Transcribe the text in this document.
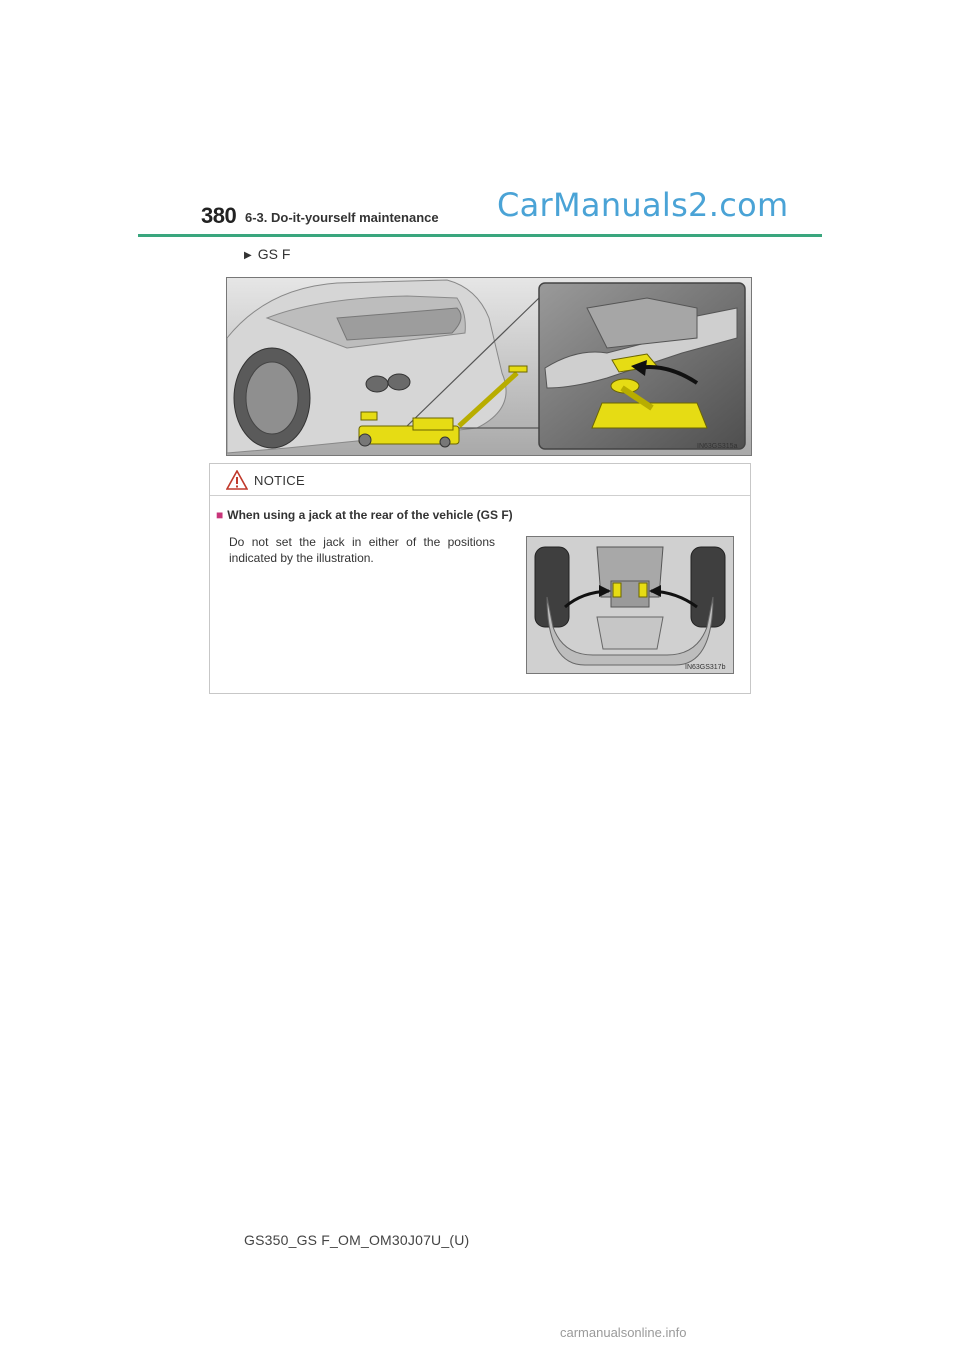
380 6-3. Do-it-yourself maintenance CarManuals2.com
▶ GS F
IN63GS315a
NOTICE
■ When using a jack at the rear of the vehicle (GS F)
Do not set the jack in either of the positions indicated by the illustration.
IN63GS317b
GS350_GS F_OM_OM30J07U_(U)
carmanualsonline.info
